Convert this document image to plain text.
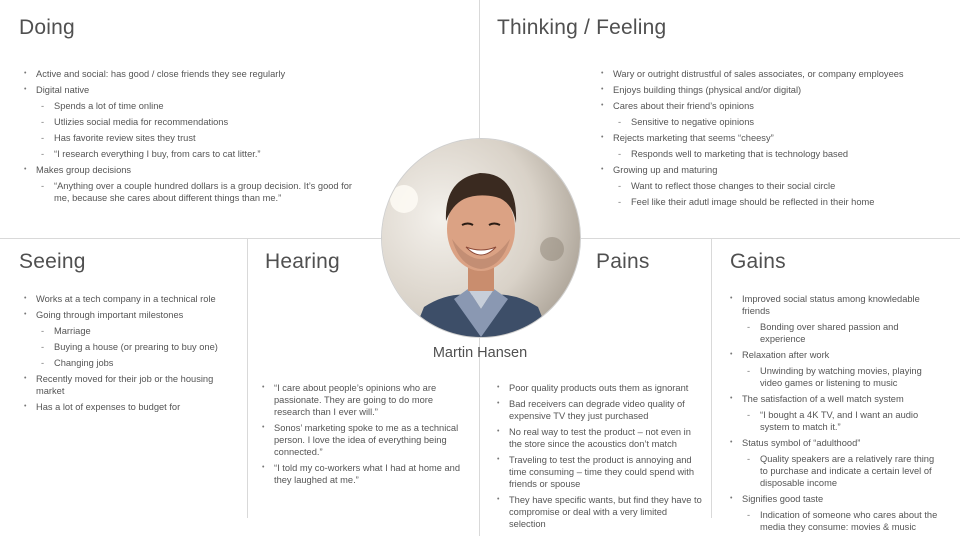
Doing	Thinking / Feeling
Seeing	Hearing	Pains	Gains
• Active and social: has good / close friends they see regularly
• Digital native
- Spends a lot of time online
- Utlizies social media for recommendations
- Has favorite review sites they trust
- “I research everything I buy, from cars to cat litter.”
• Makes group decisions
- “Anything over a couple hundred dollars is a group decision. It’s good for me, because she cares about different things than me.”
• Wary or outright distrustful of sales associates, or company employees
• Enjoys building things (physical and/or digital)
• Cares about their friend’s opinions
- Sensitive to negative opinions
• Rejects marketing that seems “cheesy”
- Responds well to marketing that is technology based
• Growing up and maturing
- Want to reflect those changes to their social circle
- Feel like their adutl image should be reflected in their home
• Works at a tech company in a technical role
• Going through important milestones
- Marriage
- Buying a house (or prearing to buy one)
- Changing jobs
• Recently moved for their job or the housing market
• Has a lot of expenses to budget for
• “I care about people’s opinions who are passionate. They are going to do more research than I ever will.”
• Sonos’ marketing spoke to me as a technical person. I love the idea of everything being connected.”
• “I told my co-workers what I had at home and they laughed at me.”
• Poor quality products outs them as ignorant
• Bad receivers can degrade video quality of expensive TV they just purchased
• No real way to test the product – not even in the store since the acoustics don’t match
• Traveling to test the product is annoying and time consuming – time they could spend with friends or spouse
• They have specific wants, but find they have to compromise or deal with a very limited selection
• Improved social status among knowledable friends
- Bonding over shared passion and experience
• Relaxation after work
- Unwinding by watching movies, playing video games or listening to music
• The satisfaction of a well match system
- “I bought a 4K TV, and I want an audio system to match it.”
• Status symbol of “adulthood”
- Quality speakers are a relatively rare thing to purchase and indicate a certain level of disposable income
• Signifies good taste
- Indication of someone who cares about the media they consume: movies & music
Martin Hansen
